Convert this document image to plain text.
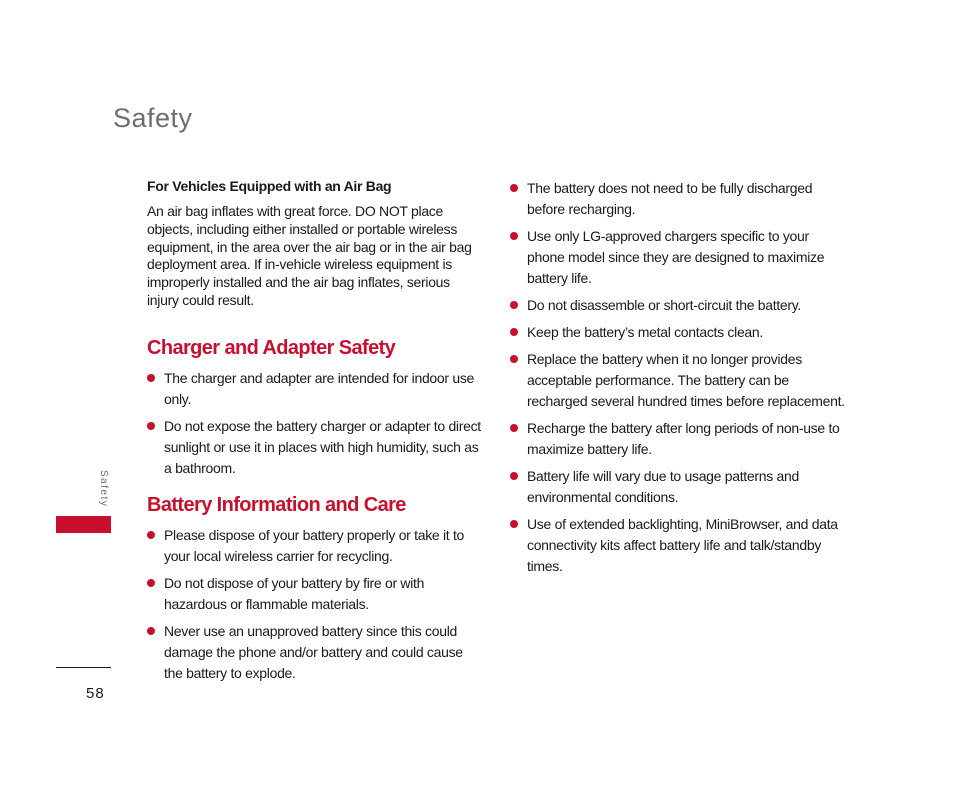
Safety
Safety
58
For Vehicles Equipped with an Air Bag

An air bag inflates with great force. DO NOT place objects, including either installed or portable wireless equipment, in the area over the air bag or in the air bag deployment area. If in-vehicle wireless equipment is improperly installed and the air bag inflates, serious injury could result.

Charger and Adapter Safety
The charger and adapter are intended for indoor use only.
Do not expose the battery charger or adapter to direct sunlight or use it in places with high humidity, such as a bathroom.
Battery Information and Care
Please dispose of your battery properly or take it to your local wireless carrier for recycling.
Do not dispose of your battery by fire or with hazardous or flammable materials.
Never use an unapproved battery since this could damage the phone and/or battery and could cause the battery to explode.
The battery does not need to be fully discharged before recharging.
Use only LG-approved chargers specific to your phone model since they are designed to maximize battery life.
Do not disassemble or short-circuit the battery.
Keep the battery’s metal contacts clean.
Replace the battery when it no longer provides acceptable performance. The battery can be recharged several hundred times before replacement.
Recharge the battery after long periods of non-use to maximize battery life.
Battery life will vary due to usage patterns and environmental conditions.
Use of extended backlighting, MiniBrowser, and data connectivity kits affect battery life and talk/standby times.
